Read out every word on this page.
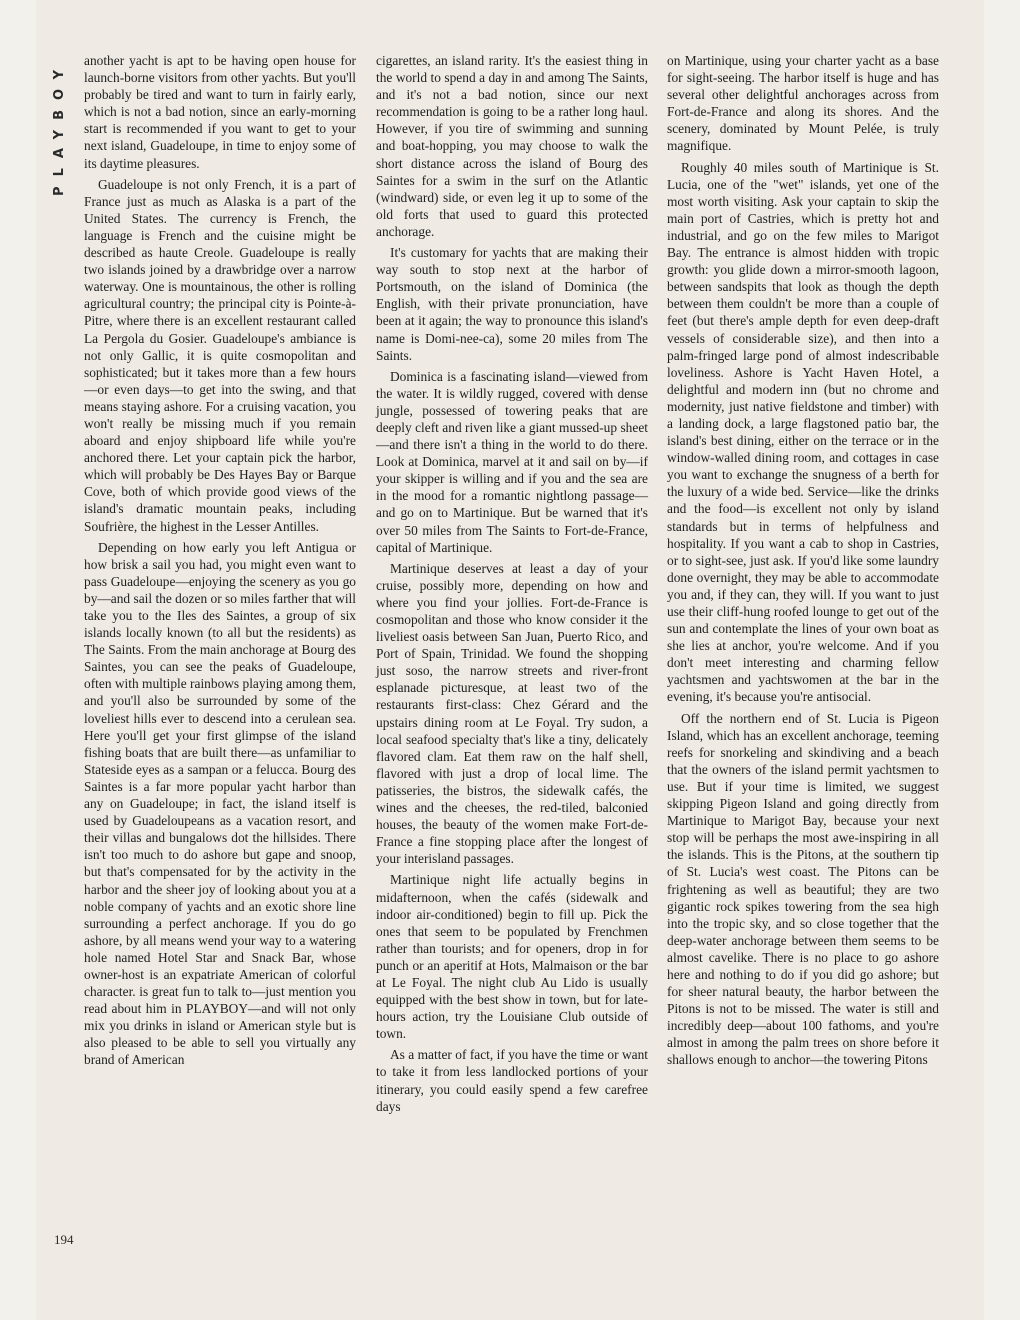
PLAYBOY another yacht is apt to be having open house for launch-borne visitors from other yachts. But you'll probably be tired and want to turn in fairly early, which is not a bad notion, since an early-morning start is recommended if you want to get to your next island, Guadeloupe, in time to enjoy some of its daytime pleasures.

Guadeloupe is not only French, it is a part of France just as much as Alaska is a part of the United States. The currency is French, the language is French and the cuisine might be described as haute Creole. Guadeloupe is really two islands joined by a drawbridge over a narrow waterway. One is mountainous, the other is rolling agricultural country; the principal city is Pointe-à-Pitre, where there is an excellent restaurant called La Pergola du Gosier. Guadeloupe's ambiance is not only Gallic, it is quite cosmopolitan and sophisticated; but it takes more than a few hours—or even days—to get into the swing, and that means staying ashore. For a cruising vacation, you won't really be missing much if you remain aboard and enjoy shipboard life while you're anchored there. Let your captain pick the harbor, which will probably be Des Hayes Bay or Barque Cove, both of which provide good views of the island's dramatic mountain peaks, including Soufrière, the highest in the Lesser Antilles.

Depending on how early you left Antigua or how brisk a sail you had, you might even want to pass Guadeloupe—enjoying the scenery as you go by—and sail the dozen or so miles farther that will take you to the Iles des Saintes, a group of six islands locally known (to all but the residents) as The Saints. From the main anchorage at Bourg des Saintes, you can see the peaks of Guadeloupe, often with multiple rainbows playing among them, and you'll also be surrounded by some of the loveliest hills ever to descend into a cerulean sea. Here you'll get your first glimpse of the island fishing boats that are built there—as unfamiliar to Stateside eyes as a sampan or a felucca. Bourg des Saintes is a far more popular yacht harbor than any on Guadeloupe; in fact, the island itself is used by Guadeloupeans as a vacation resort, and their villas and bungalows dot the hillsides. There isn't too much to do ashore but gape and snoop, but that's compensated for by the activity in the harbor and the sheer joy of looking about you at a noble company of yachts and an exotic shore line surrounding a perfect anchorage. If you do go ashore, by all means wend your way to a watering hole named Hotel Star and Snack Bar, whose owner-host is an expatriate American of colorful character. is great fun to talk to—just mention you read about him in PLAYBOY—and will not only mix you drinks in island or American style but is also pleased to be able to sell you virtually any brand of American

cigarettes, an island rarity. It's the easiest thing in the world to spend a day in and among The Saints, and it's not a bad notion, since our next recommendation is going to be a rather long haul. However, if you tire of swimming and sunning and boat-hopping, you may choose to walk the short distance across the island of Bourg des Saintes for a swim in the surf on the Atlantic (windward) side, or even leg it up to some of the old forts that used to guard this protected anchorage.

It's customary for yachts that are making their way south to stop next at the harbor of Portsmouth, on the island of Dominica (the English, with their private pronunciation, have been at it again; the way to pronounce this island's name is Domi-nee-ca), some 20 miles from The Saints.

Dominica is a fascinating island—viewed from the water. It is wildly rugged, covered with dense jungle, possessed of towering peaks that are deeply cleft and riven like a giant mussed-up sheet—and there isn't a thing in the world to do there. Look at Dominica, marvel at it and sail on by—if your skipper is willing and if you and the sea are in the mood for a romantic nightlong passage—and go on to Martinique. But be warned that it's over 50 miles from The Saints to Fort-de-France, capital of Martinique.

Martinique deserves at least a day of your cruise, possibly more, depending on how and where you find your jollies. Fort-de-France is cosmopolitan and those who know consider it the liveliest oasis between San Juan, Puerto Rico, and Port of Spain, Trinidad. We found the shopping just soso, the narrow streets and river-front esplanade picturesque, at least two of the restaurants first-class: Chez Gérard and the upstairs dining room at Le Foyal. Try sudon, a local seafood specialty that's like a tiny, delicately flavored clam. Eat them raw on the half shell, flavored with just a drop of local lime. The patisseries, the bistros, the sidewalk cafés, the wines and the cheeses, the red-tiled, balconied houses, the beauty of the women make Fort-de-France a fine stopping place after the longest of your interisland passages.

Martinique night life actually begins in midafternoon, when the cafés (sidewalk and indoor air-conditioned) begin to fill up. Pick the ones that seem to be populated by Frenchmen rather than tourists; and for openers, drop in for punch or an aperitif at Hots, Malmaison or the bar at Le Foyal. The night club Au Lido is usually equipped with the best show in town, but for late-hours action, try the Louisiane Club outside of town.

As a matter of fact, if you have the time or want to take it from less landlocked portions of your itinerary, you could easily spend a few carefree days

on Martinique, using your charter yacht as a base for sight-seeing. The harbor itself is huge and has several other delightful anchorages across from Fort-de-France and along its shores. And the scenery, dominated by Mount Pelée, is truly magnifique.

Roughly 40 miles south of Martinique is St. Lucia, one of the "wet" islands, yet one of the most worth visiting. Ask your captain to skip the main port of Castries, which is pretty hot and industrial, and go on the few miles to Marigot Bay. The entrance is almost hidden with tropic growth: you glide down a mirror-smooth lagoon, between sandspits that look as though the depth between them couldn't be more than a couple of feet (but there's ample depth for even deep-draft vessels of considerable size), and then into a palm-fringed large pond of almost indescribable loveliness. Ashore is Yacht Haven Hotel, a delightful and modern inn (but no chrome and modernity, just native fieldstone and timber) with a landing dock, a large flagstoned patio bar, the island's best dining, either on the terrace or in the window-walled dining room, and cottages in case you want to exchange the snugness of a berth for the luxury of a wide bed. Service—like the drinks and the food—is excellent not only by island standards but in terms of helpfulness and hospitality. If you want a cab to shop in Castries, or to sight-see, just ask. If you'd like some laundry done overnight, they may be able to accommodate you and, if they can, they will. If you want to just use their cliff-hung roofed lounge to get out of the sun and contemplate the lines of your own boat as she lies at anchor, you're welcome. And if you don't meet interesting and charming fellow yachtsmen and yachtswomen at the bar in the evening, it's because you're antisocial.

Off the northern end of St. Lucia is Pigeon Island, which has an excellent anchorage, teeming reefs for snorkeling and skindiving and a beach that the owners of the island permit yachtsmen to use. But if your time is limited, we suggest skipping Pigeon Island and going directly from Martinique to Marigot Bay, because your next stop will be perhaps the most awe-inspiring in all the islands. This is the Pitons, at the southern tip of St. Lucia's west coast. The Pitons can be frightening as well as beautiful; they are two gigantic rock spikes towering from the sea high into the tropic sky, and so close together that the deep-water anchorage between them seems to be almost cavelike. There is no place to go ashore here and nothing to do if you did go ashore; but for sheer natural beauty, the harbor between the Pitons is not to be missed. The water is still and incredibly deep—about 100 fathoms, and you're almost in among the palm trees on shore before it shallows enough to anchor—the towering Pitons

194
